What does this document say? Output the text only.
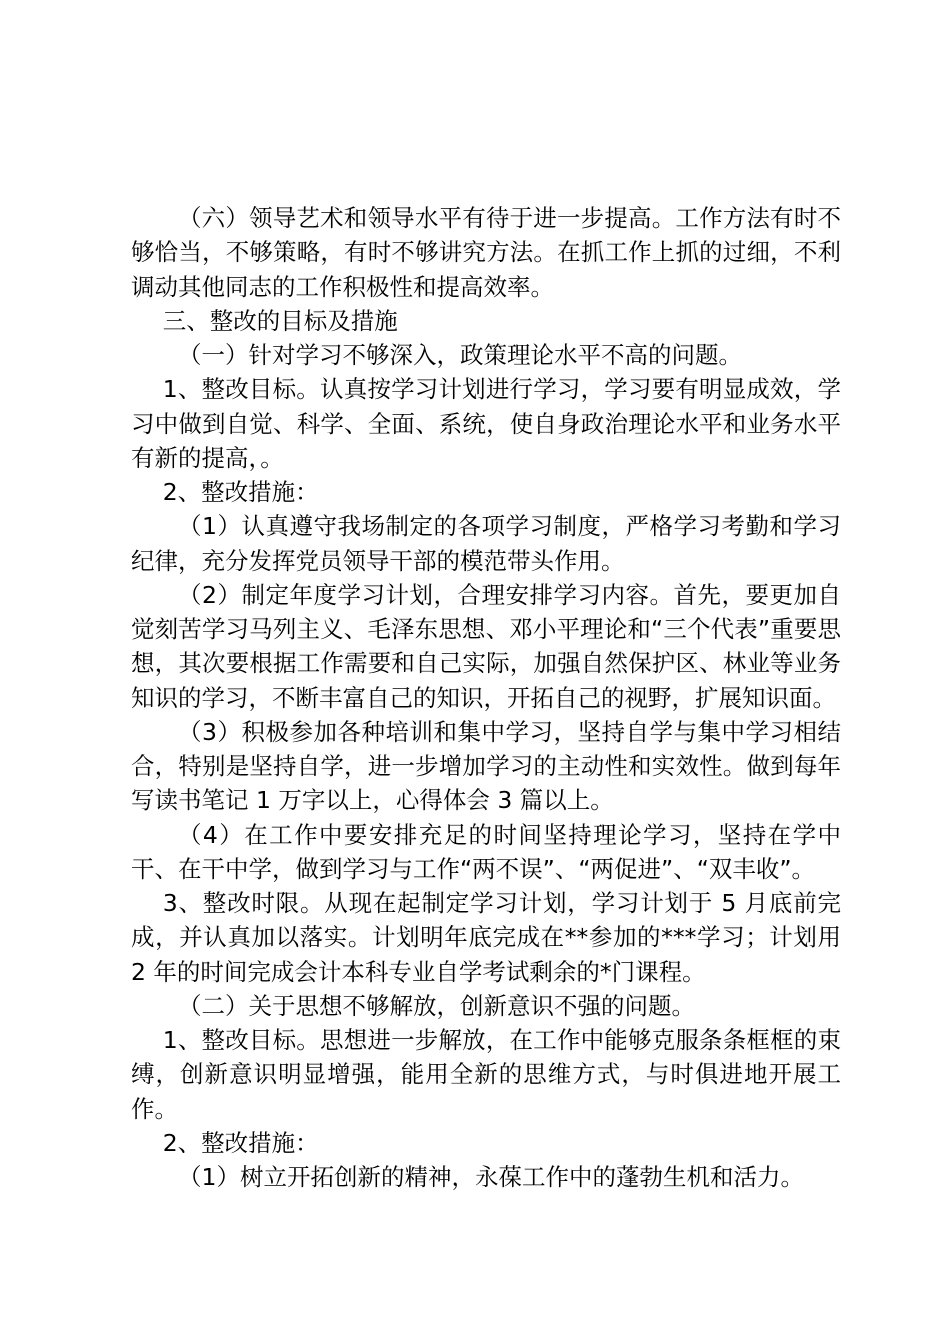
（六）领导艺术和领导水平有待于进一步提高。工作方法有时不够恰当，不够策略，有时不够讲究方法。在抓工作上抓的过细，不利调动其他同志的工作积极性和提高效率。

三、整改的目标及措施

（一）针对学习不够深入，政策理论水平不高的问题。

1、整改目标。认真按学习计划进行学习，学习要有明显成效，学习中做到自觉、科学、全面、系统，使自身政治理论水平和业务水平有新的提高，。

2、整改措施：

（1）认真遵守我场制定的各项学习制度，严格学习考勤和学习纪律，充分发挥党员领导干部的模范带头作用。

（2）制定年度学习计划，合理安排学习内容。首先，要更加自觉刻苦学习马列主义、毛泽东思想、邓小平理论和“三个代表”重要思想，其次要根据工作需要和自己实际，加强自然保护区、林业等业务知识的学习，不断丰富自己的知识，开拓自己的视野，扩展知识面。

（3）积极参加各种培训和集中学习，坚持自学与集中学习相结合，特别是坚持自学，进一步增加学习的主动性和实效性。做到每年写读书笔记 1 万字以上，心得体会 3 篇以上。

（4）在工作中要安排充足的时间坚持理论学习，坚持在学中干、在干中学，做到学习与工作“两不误”、“两促进”、“双丰收”。

3、整改时限。从现在起制定学习计划，学习计划于 5 月底前完成，并认真加以落实。计划明年底完成在**参加的***学习；计划用 2 年的时间完成会计本科专业自学考试剩余的*门课程。

（二）关于思想不够解放，创新意识不强的问题。

1、整改目标。思想进一步解放，在工作中能够克服条条框框的束缚，创新意识明显增强，能用全新的思维方式，与时俱进地开展工作。

2、整改措施：

（1）树立开拓创新的精神，永葆工作中的蓬勃生机和活力。
